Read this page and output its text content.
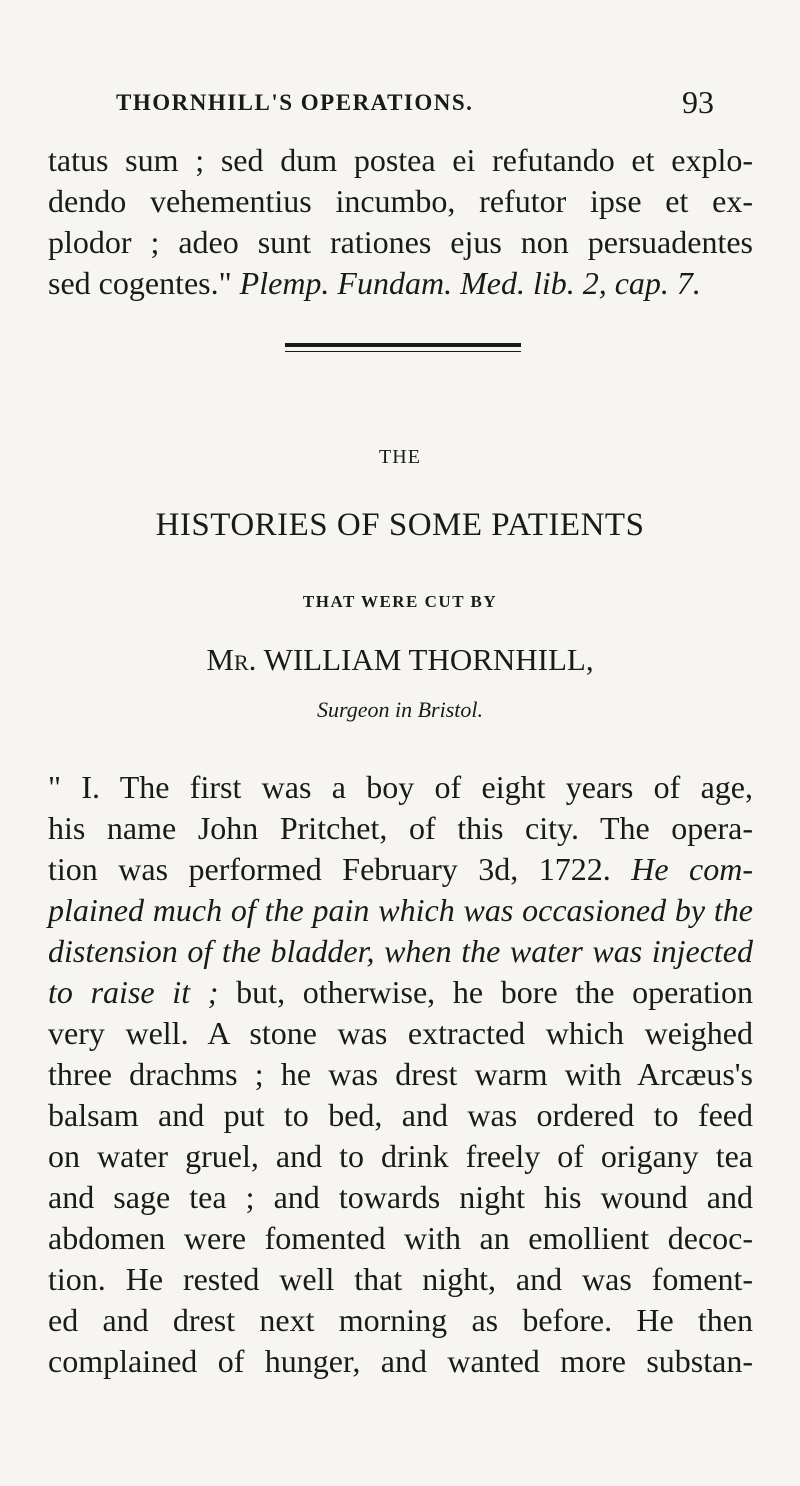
THORNHILL'S OPERATIONS.	93
tatus sum ; sed dum postea ei refutando et explo-
dendo vehementius incumbo, refutor ipse et ex-
plodor ; adeo sunt rationes ejus non persuadentes
sed cogentes." Plemp. Fundam. Med. lib. 2, cap. 7.
THE
HISTORIES OF SOME PATIENTS
THAT WERE CUT BY
Mr. WILLIAM THORNHILL,
Surgeon in Bristol.
" I. The first was a boy of eight years of age,
his name John Pritchet, of this city. The opera-
tion was performed February 3d, 1722. He com-
plained much of the pain which was occasioned by the
distension of the bladder, when the water was injected
to raise it ; but, otherwise, he bore the operation
very well. A stone was extracted which weighed
three drachms ; he was drest warm with Arcæus's
balsam and put to bed, and was ordered to feed
on water gruel, and to drink freely of origany tea
and sage tea ; and towards night his wound and
abdomen were fomented with an emollient decoc-
tion. He rested well that night, and was foment-
ed and drest next morning as before. He then
complained of hunger, and wanted more substan-
